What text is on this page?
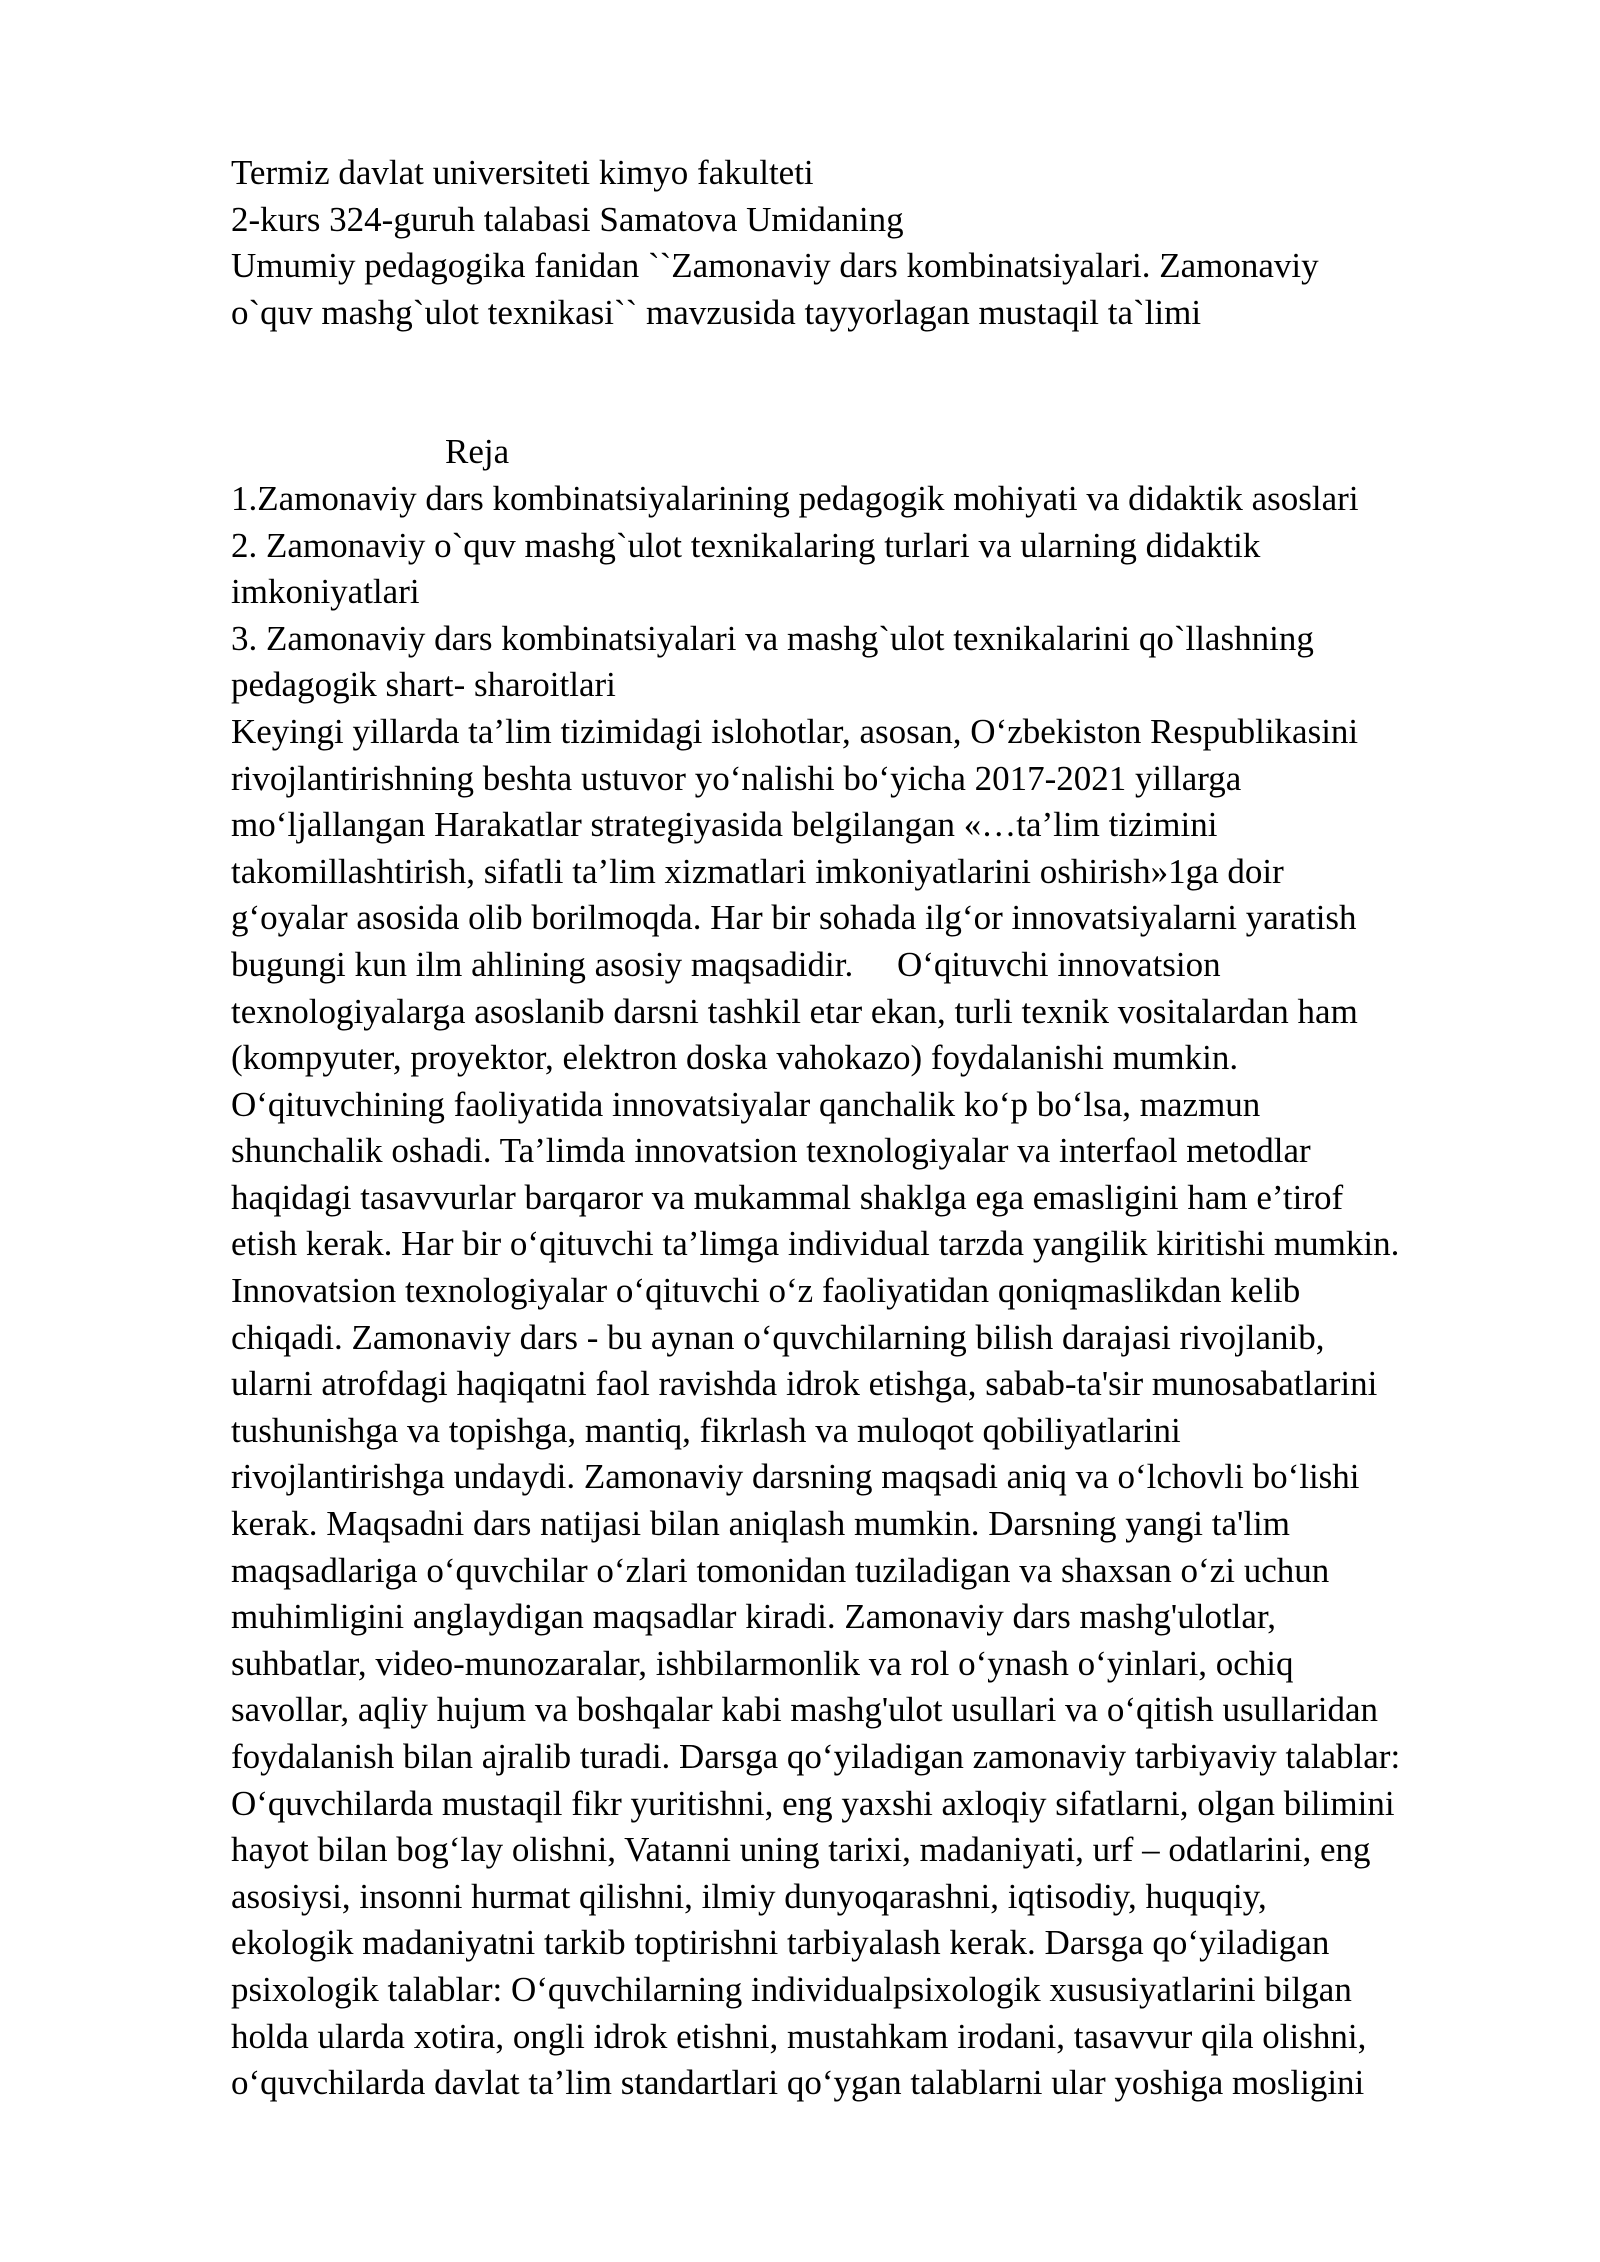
Termiz davlat universiteti kimyo fakulteti
2-kurs 324-guruh talabasi Samatova Umidaning
Umumiy pedagogika fanidan ``Zamonaviy dars kombinatsiyalari. Zamonaviy
o`quv mashg`ulot texnikasi`` mavzusida tayyorlagan mustaqil ta`limi
Reja
1.Zamonaviy dars kombinatsiyalarining pedagogik mohiyati va didaktik asoslari
2. Zamonaviy o`quv mashg`ulot texnikalaring turlari va ularning didaktik
imkoniyatlari
3. Zamonaviy dars kombinatsiyalari va mashg`ulot texnikalarini qo`llashning
pedagogik shart- sharoitlari
Keyingi yillarda ta’lim tizimidagi islohotlar, asosan, O‘zbekiston Respublikasini
rivojlantirishning beshta ustuvor yo‘nalishi bo‘yicha 2017-2021 yillarga
mo‘ljallangan Harakatlar strategiyasida belgilangan «…ta’lim tizimini
takomillashtirish, sifatli ta’lim xizmatlari imkoniyatlarini oshirish»1ga doir
g‘oyalar asosida olib borilmoqda. Har bir sohada ilg‘or innovatsiyalarni yaratish
bugungi kun ilm ahlining asosiy maqsadidir.     O‘qituvchi innovatsion
texnologiyalarga asoslanib darsni tashkil etar ekan, turli texnik vositalardan ham
(kompyuter, proyektor, elektron doska vahokazo) foydalanishi mumkin.
O‘qituvchining faoliyatida innovatsiyalar qanchalik ko‘p bo‘lsa, mazmun
shunchalik oshadi. Ta’limda innovatsion texnologiyalar va interfaol metodlar
haqidagi tasavvurlar barqaror va mukammal shaklga ega emasligini ham e’tirof
etish kerak. Har bir o‘qituvchi ta’limga individual tarzda yangilik kiritishi mumkin.
Innovatsion texnologiyalar o‘qituvchi o‘z faoliyatidan qoniqmaslikdan kelib
chiqadi. Zamonaviy dars - bu aynan o‘quvchilarning bilish darajasi rivojlanib,
ularni atrofdagi haqiqatni faol ravishda idrok etishga, sabab-ta'sir munosabatlarini
tushunishga va topishga, mantiq, fikrlash va muloqot qobiliyatlarini
rivojlantirishga undaydi. Zamonaviy darsning maqsadi aniq va o‘lchovli bo‘lishi
kerak. Maqsadni dars natijasi bilan aniqlash mumkin. Darsning yangi ta'lim
maqsadlariga o‘quvchilar o‘zlari tomonidan tuziladigan va shaxsan o‘zi uchun
muhimligini anglaydigan maqsadlar kiradi. Zamonaviy dars mashg'ulotlar,
suhbatlar, video-munozaralar, ishbilarmonlik va rol o‘ynash o‘yinlari, ochiq
savollar, aqliy hujum va boshqalar kabi mashg'ulot usullari va o‘qitish usullaridan
foydalanish bilan ajralib turadi. Darsga qo‘yiladigan zamonaviy tarbiyaviy talablar:
O‘quvchilarda mustaqil fikr yuritishni, eng yaxshi axloqiy sifatlarni, olgan bilimini
hayot bilan bog‘lay olishni, Vatanni uning tarixi, madaniyati, urf – odatlarini, eng
asosiysi, insonni hurmat qilishni, ilmiy dunyoqarashni, iqtisodiy, huquqiy,
ekologik madaniyatni tarkib toptirishni tarbiyalash kerak. Darsga qo‘yiladigan
psixologik talablar: O‘quvchilarning individualpsixologik xususiyatlarini bilgan
holda ularda xotira, ongli idrok etishni, mustahkam irodani, tasavvur qila olishni,
o‘quvchilarda davlat ta’lim standartlari qo‘ygan talablarni ular yoshiga mosligini
